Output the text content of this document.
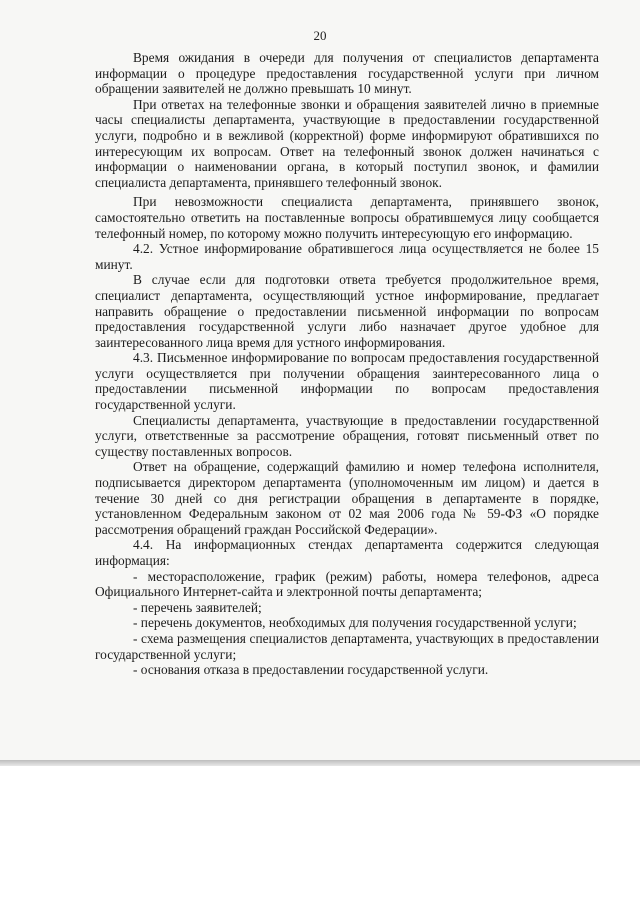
20

Время ожидания в очереди для получения от специалистов департамента информации о процедуре предоставления государственной услуги при личном обращении заявителей не должно превышать 10 минут.

При ответах на телефонные звонки и обращения заявителей лично в приемные часы специалисты департамента, участвующие в предоставлении государственной услуги, подробно и в вежливой (корректной) форме информируют обратившихся по интересующим их вопросам. Ответ на телефонный звонок должен начинаться с информации о наименовании органа, в который поступил звонок, и фамилии специалиста департамента, принявшего телефонный звонок.

При невозможности специалиста департамента, принявшего звонок, самостоятельно ответить на поставленные вопросы обратившемуся лицу сообщается телефонный номер, по которому можно получить интересующую его информацию.

4.2. Устное информирование обратившегося лица осуществляется не более 15 минут.

В случае если для подготовки ответа требуется продолжительное время, специалист департамента, осуществляющий устное информирование, предлагает направить обращение о предоставлении письменной информации по вопросам предоставления государственной услуги либо назначает другое удобное для заинтересованного лица время для устного информирования.

4.3. Письменное информирование по вопросам предоставления государственной услуги осуществляется при получении обращения заинтересованного лица о предоставлении письменной информации по вопросам предоставления государственной услуги.

Специалисты департамента, участвующие в предоставлении государственной услуги, ответственные за рассмотрение обращения, готовят письменный ответ по существу поставленных вопросов.

Ответ на обращение, содержащий фамилию и номер телефона исполнителя, подписывается директором департамента (уполномоченным им лицом) и дается в течение 30 дней со дня регистрации обращения в департаменте в порядке, установленном Федеральным законом от 02 мая 2006 года № 59-ФЗ «О порядке рассмотрения обращений граждан Российской Федерации».

4.4. На информационных стендах департамента содержится следующая информация:

- месторасположение, график (режим) работы, номера телефонов, адреса Официального Интернет-сайта и электронной почты департамента;

- перечень заявителей;

- перечень документов, необходимых для получения государственной услуги;

- схема размещения специалистов департамента, участвующих в предоставлении государственной услуги;

- основания отказа в предоставлении государственной услуги.
